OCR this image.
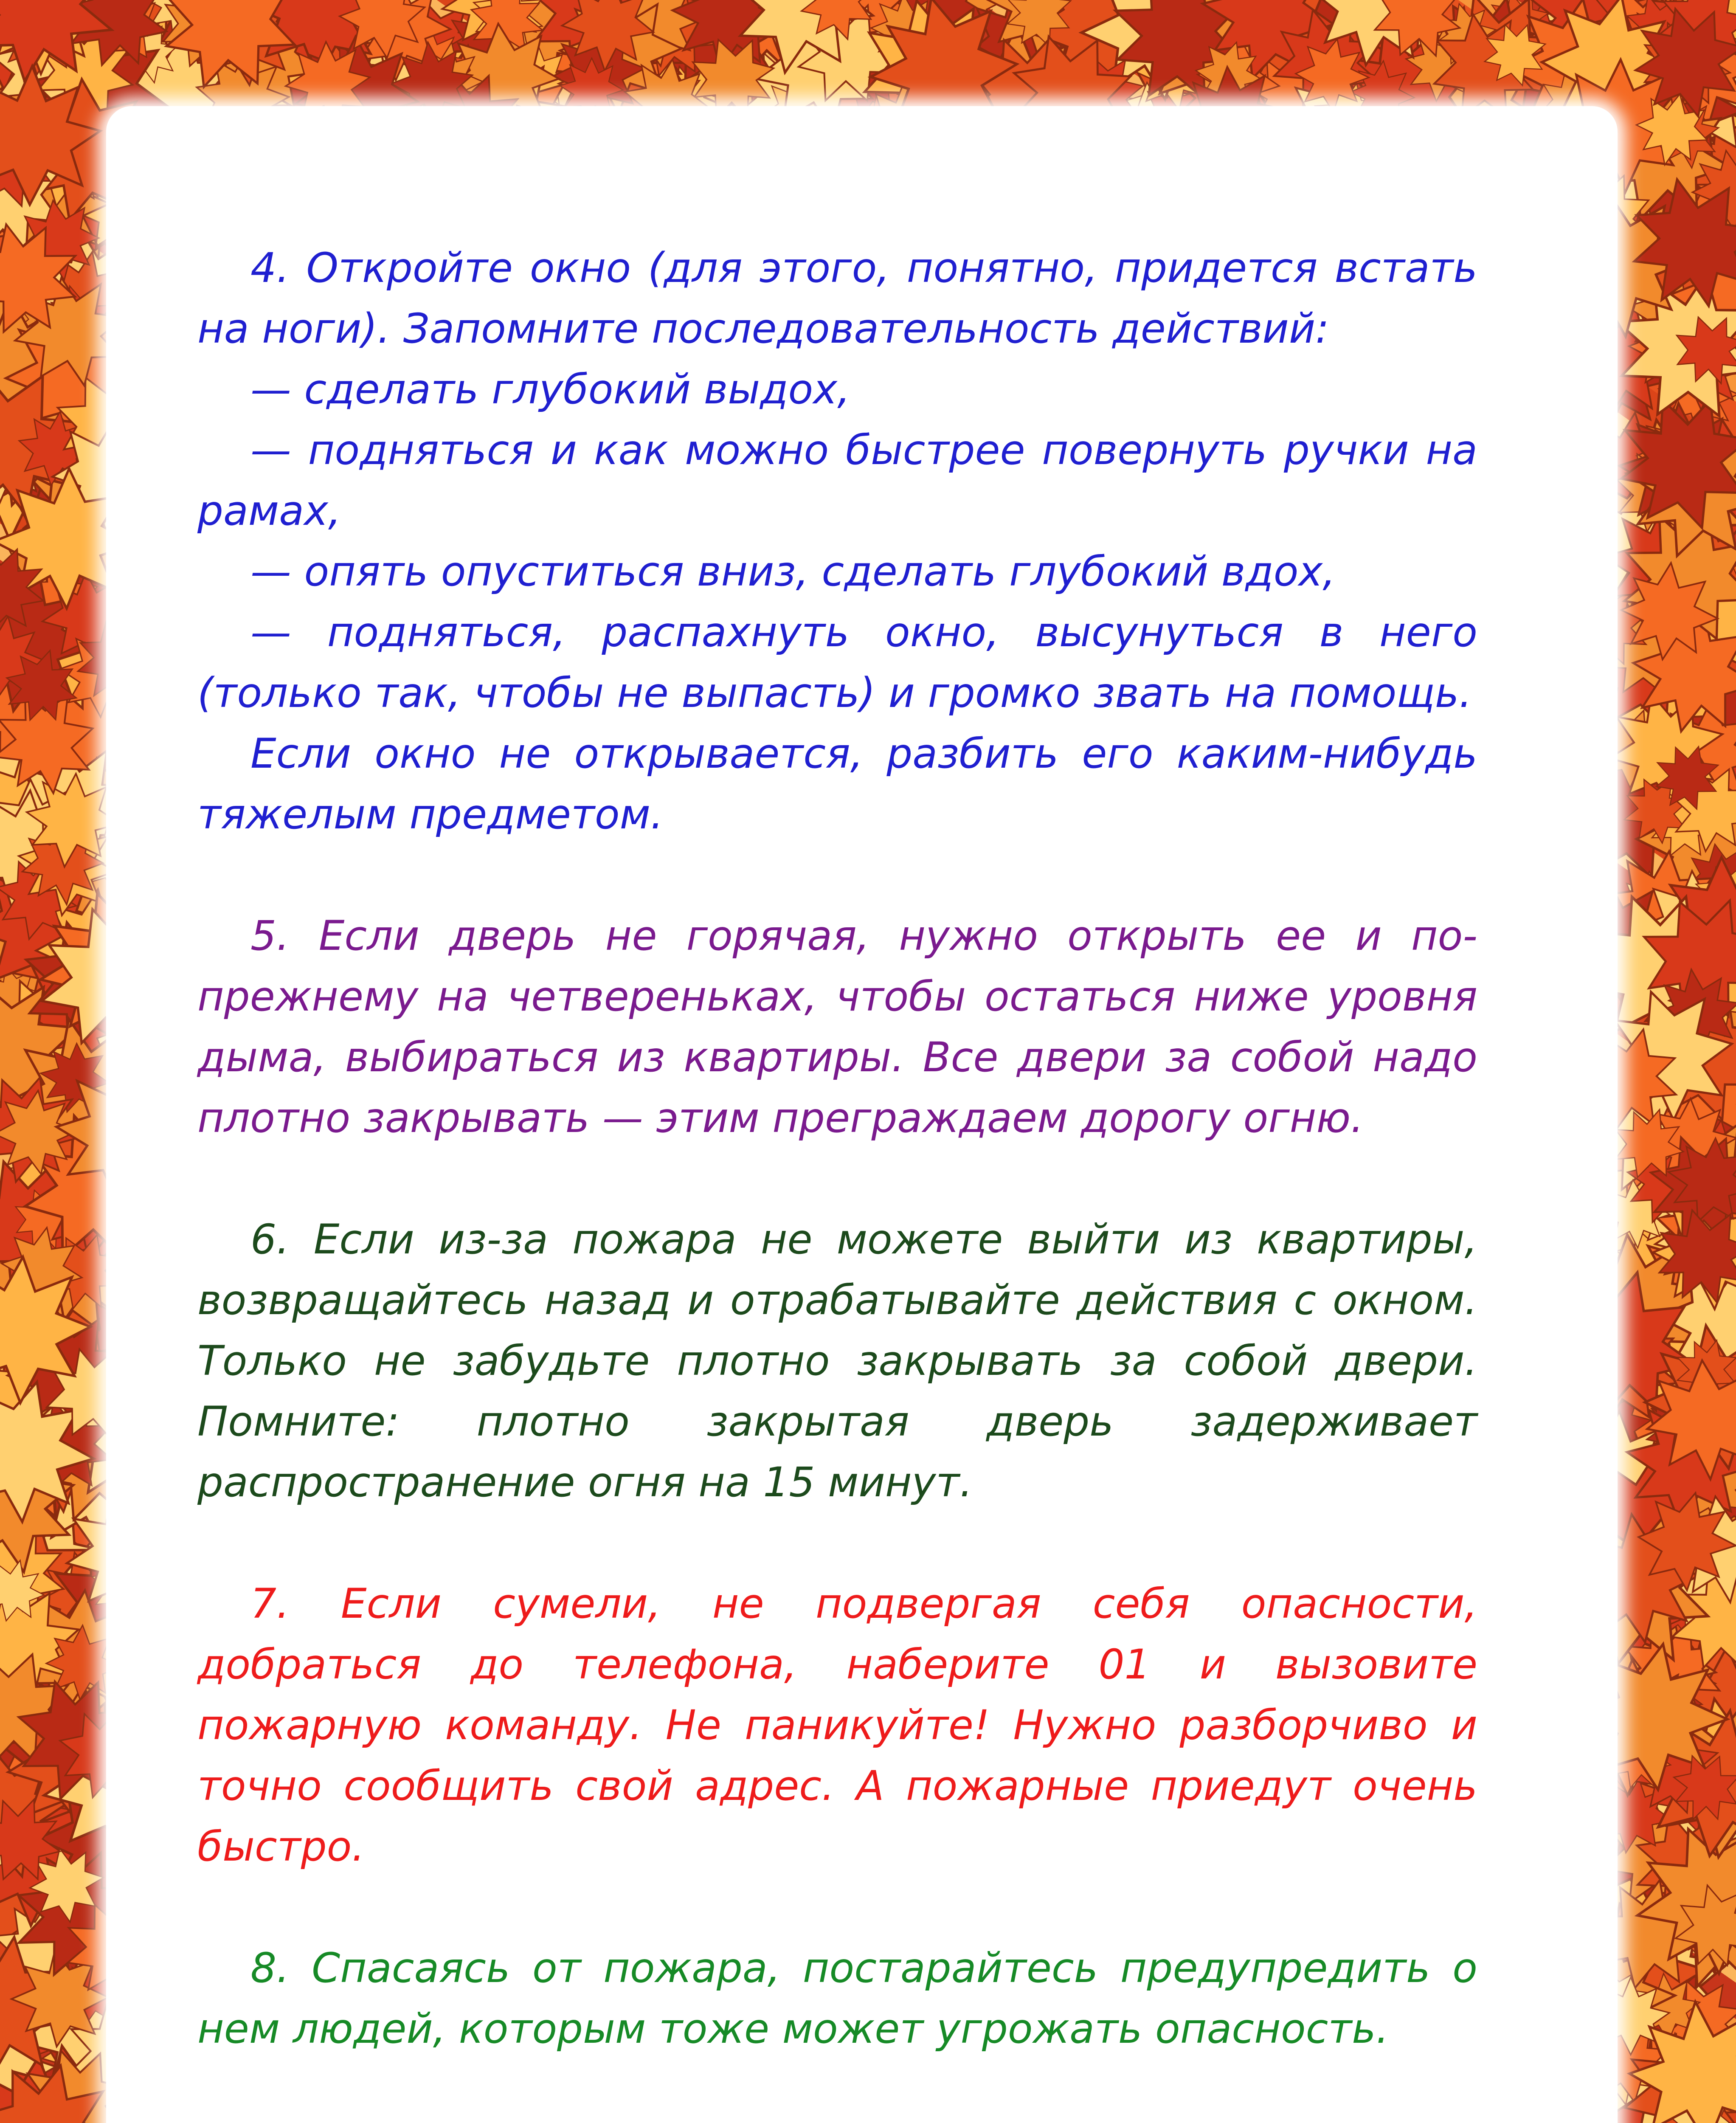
4. Откройте окно (для этого, понятно, придется встать на ноги). Запомните последовательность действий:

— сделать глубокий выдох,

— подняться и как можно быстрее повернуть ручки на рамах,

— опять опуститься вниз, сделать глубокий вдох,

— подняться, распахнуть окно, высунуться в него (только так, чтобы не выпасть) и громко звать на помощь.

Если окно не открывается, разбить его каким-нибудь тяжелым предметом.

5. Если дверь не горячая, нужно открыть ее и по-прежнему на четвереньках, чтобы остаться ниже уровня дыма, выбираться из квартиры. Все двери за собой надо плотно закрывать — этим преграждаем дорогу огню.

6. Если из-за пожара не можете выйти из квартиры, возвращайтесь назад и отрабатывайте действия с окном. Только не забудьте плотно закрывать за собой двери. Помните: плотно закрытая дверь задерживает распространение огня на 15 минут.

7. Если сумели, не подвергая себя опасности, добраться до телефона, наберите 01 и вызовите пожарную команду. Не паникуйте! Нужно разборчиво и точно сообщить свой адрес. А пожарные приедут очень быстро.

8. Спасаясь от пожара, постарайтесь предупредить о нем людей, которым тоже может угрожать опасность.
